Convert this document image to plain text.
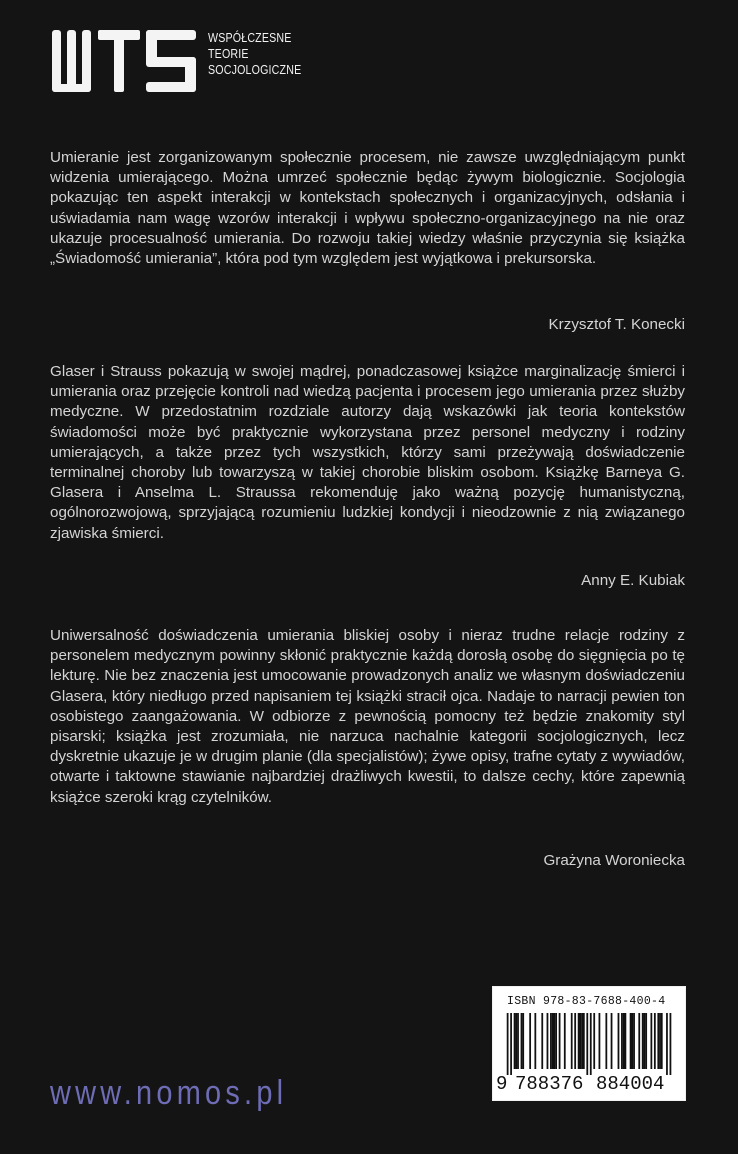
WSPÓŁCZESNE
TEORIE
SOCJOLOGICZNE

Umieranie jest zorganizowanym społecznie procesem, nie zawsze uwzględniającym punkt widzenia umierającego. Można umrzeć społecznie będąc żywym biologicznie. Socjologia pokazując ten aspekt interakcji w kontekstach społecznych i organizacyjnych, odsłania i uświadamia nam wagę wzorów interakcji i wpływu społeczno-organizacyjnego na nie oraz ukazuje procesualność umierania. Do rozwoju takiej wiedzy właśnie przyczynia się książka „Świadomość umierania”, która pod tym względem jest wyjątkowa i prekursorska.

Krzysztof T. Konecki

Glaser i Strauss pokazują w swojej mądrej, ponadczasowej książce marginalizację śmierci i umierania oraz przejęcie kontroli nad wiedzą pacjenta i procesem jego umierania przez służby medyczne. W przedostatnim rozdziale autorzy dają wskazówki jak teoria kontekstów świadomości może być praktycznie wykorzystana przez personel medyczny i rodziny umierających, a także przez tych wszystkich, którzy sami przeżywają doświadczenie terminalnej choroby lub towarzyszą w takiej chorobie bliskim osobom. Książkę Barneya G. Glasera i Anselma L. Straussa rekomenduję jako ważną pozycję humanistyczną, ogólnorozwojową, sprzyjającą rozumieniu ludzkiej kondycji i nieodzownie z nią związanego zjawiska śmierci.

Anny E. Kubiak

Uniwersalność doświadczenia umierania bliskiej osoby i nieraz trudne relacje rodziny z personelem medycznym powinny skłonić praktycznie każdą dorosłą osobę do sięgnięcia po tę lekturę. Nie bez znaczenia jest umocowanie prowadzonych analiz we własnym doświadczeniu Glasera, który niedługo przed napisaniem tej książki stracił ojca. Nadaje to narracji pewien ton osobistego zaangażowania. W odbiorze z pewnością pomocny też będzie znakomity styl pisarski; książka jest zrozumiała, nie narzuca nachalnie kategorii socjologicznych, lecz dyskretnie ukazuje je w drugim planie (dla specjalistów); żywe opisy, trafne cytaty z wywiadów, otwarte i taktowne stawianie najbardziej drażliwych kwestii, to dalsze cechy, które zapewnią książce szeroki krąg czytelników.

Grażyna Woroniecka
ISBN 978-83-7688-400-4
9 788376 884004
www.nomos.pl
